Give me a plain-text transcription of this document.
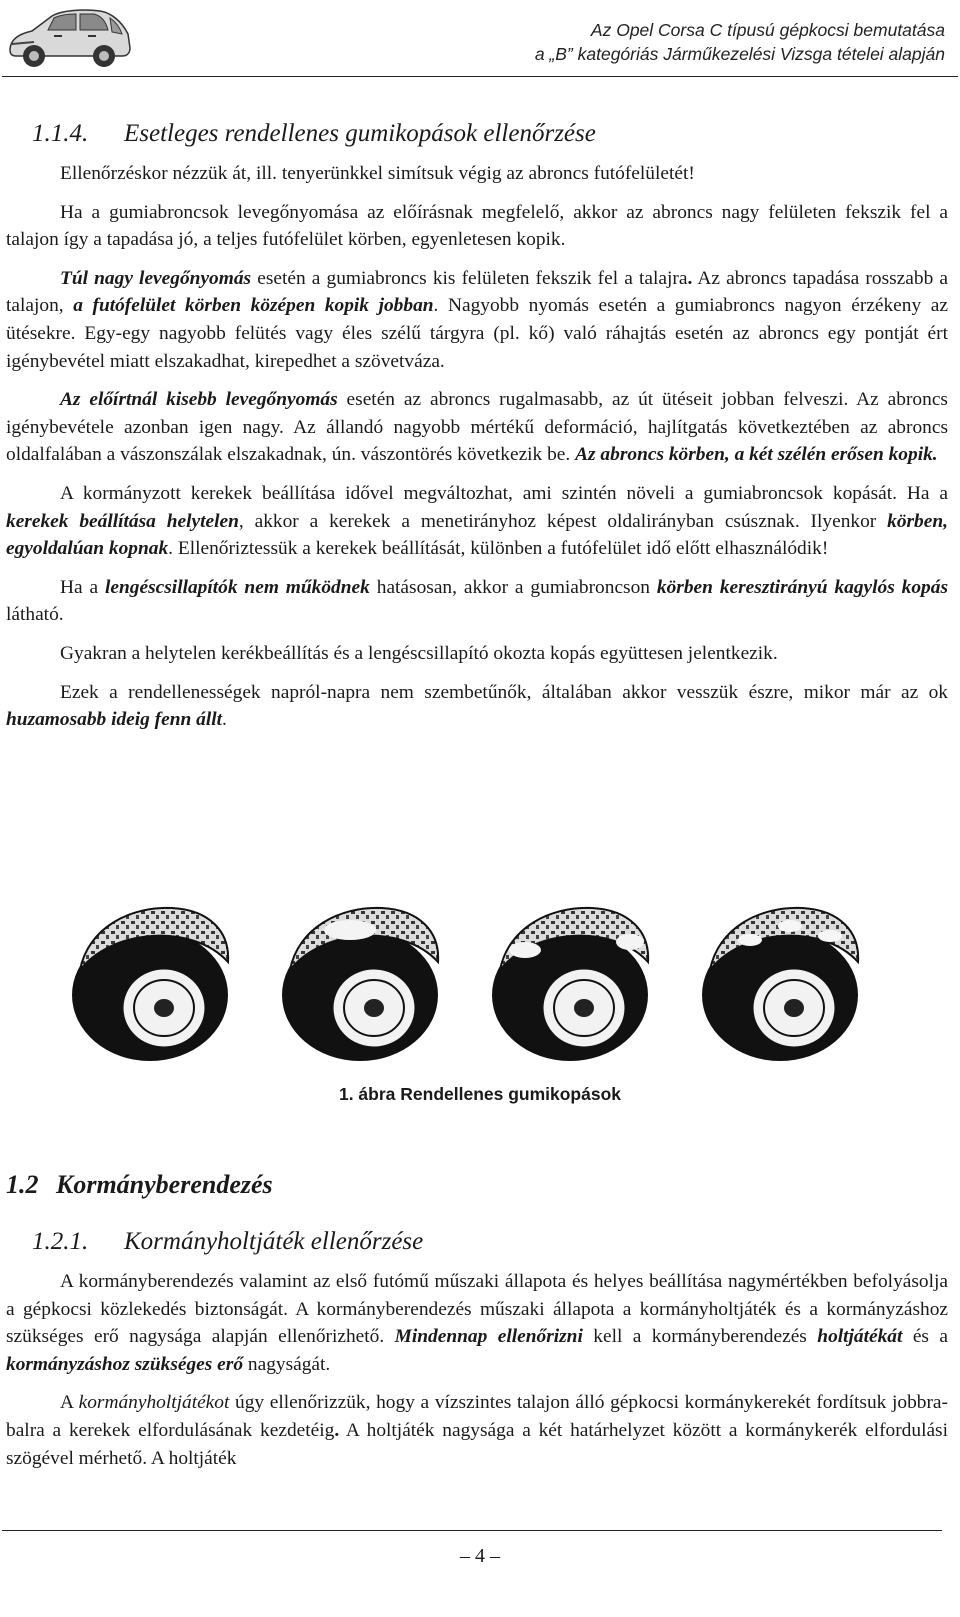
Az Opel Corsa C típusú gépkocsi bemutatása
a „B” kategóriás Járműkezelési Vizsga tételei alapján
1.1.4. Esetleges rendellenes gumikopások ellenőrzése

Ellenőrzéskor nézzük át, ill. tenyerünkkel simítsuk végig az abroncs futófelületét!

Ha a gumiabroncsok levegőnyomása az előírásnak megfelelő, akkor az abroncs nagy felületen fekszik fel a talajon így a tapadása jó, a teljes futófelület körben, egyenletesen kopik.

Túl nagy levegőnyomás esetén a gumiabroncs kis felületen fekszik fel a talajra. Az abroncs tapadása rosszabb a talajon, a futófelület körben középen kopik jobban. Nagyobb nyomás esetén a gumiabroncs nagyon érzékeny az ütésekre. Egy-egy nagyobb felütés vagy éles szélű tárgyra (pl. kő) való ráhajtás esetén az abroncs egy pontját ért igénybevétel miatt elszakadhat, kirepedhet a szövetváza.

Az előírtnál kisebb levegőnyomás esetén az abroncs rugalmasabb, az út ütéseit jobban felveszi. Az abroncs igénybevétele azonban igen nagy. Az állandó nagyobb mértékű deformáció, hajlítgatás következtében az abroncs oldalfalában a vászonszálak elszakadnak, ún. vászontörés következik be. Az abroncs körben, a két szélén erősen kopik.

A kormányzott kerekek beállítása idővel megváltozhat, ami szintén növeli a gumiabroncsok kopását. Ha a kerekek beállítása helytelen, akkor a kerekek a menetirányhoz képest oldalirányban csúsznak. Ilyenkor körben, egyoldalúan kopnak. Ellenőriztessük a kerekek beállítását, különben a futófelület idő előtt elhasználódik!

Ha a lengéscsillapítók nem működnek hatásosan, akkor a gumiabroncson körben keresztirányú kagylós kopás látható.

Gyakran a helytelen kerékbeállítás és a lengéscsillapító okozta kopás együttesen jelentkezik.

Ezek a rendellenességek napról-napra nem szembetűnők, általában akkor vesszük észre, mikor már az ok huzamosabb ideig fenn állt.

1. ábra Rendellenes gumikopások
1.2 Kormányberendezés
1.2.1. Kormányholtjáték ellenőrzése

A kormányberendezés valamint az első futómű műszaki állapota és helyes beállítása nagymértékben befolyásolja a gépkocsi közlekedés biztonságát. A kormányberendezés műszaki állapota a kormányholtjáték és a kormányzáshoz szükséges erő nagysága alapján ellenőrizhető. Mindennap ellenőrizni kell a kormányberendezés holtjátékát és a kormányzáshoz szükséges erő nagyságát.

A kormányholtjátékot úgy ellenőrizzük, hogy a vízszintes talajon álló gépkocsi kormánykerekét fordítsuk jobbra-balra a kerekek elfordulásának kezdetéig. A holtjáték nagysága a két határhelyzet között a kormánykerék elfordulási szögével mérhető. A holtjáték

– 4 –
